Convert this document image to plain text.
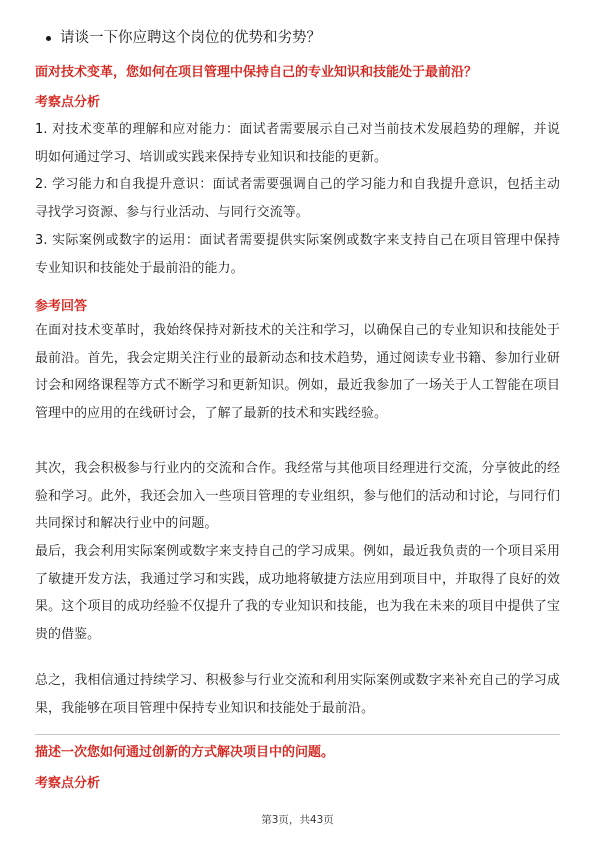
请谈一下你应聘这个岗位的优势和劣势？
面对技术变革，您如何在项目管理中保持自己的专业知识和技能处于最前沿？
考察点分析
1. 对技术变革的理解和应对能力：面试者需要展示自己对当前技术发展趋势的理解，并说明如何通过学习、培训或实践来保持专业知识和技能的更新。
2. 学习能力和自我提升意识：面试者需要强调自己的学习能力和自我提升意识，包括主动寻找学习资源、参与行业活动、与同行交流等。
3. 实际案例或数字的运用：面试者需要提供实际案例或数字来支持自己在项目管理中保持专业知识和技能处于最前沿的能力。
参考回答
在面对技术变革时，我始终保持对新技术的关注和学习，以确保自己的专业知识和技能处于最前沿。首先，我会定期关注行业的最新动态和技术趋势，通过阅读专业书籍、参加行业研讨会和网络课程等方式不断学习和更新知识。例如，最近我参加了一场关于人工智能在项目管理中的应用的在线研讨会，了解了最新的技术和实践经验。
其次，我会积极参与行业内的交流和合作。我经常与其他项目经理进行交流，分享彼此的经验和学习。此外，我还会加入一些项目管理的专业组织，参与他们的活动和讨论，与同行们共同探讨和解决行业中的问题。
最后，我会利用实际案例或数字来支持自己的学习成果。例如，最近我负责的一个项目采用了敏捷开发方法，我通过学习和实践，成功地将敏捷方法应用到项目中，并取得了良好的效果。这个项目的成功经验不仅提升了我的专业知识和技能，也为我在未来的项目中提供了宝贵的借鉴。
总之，我相信通过持续学习、积极参与行业交流和利用实际案例或数字来补充自己的学习成果，我能够在项目管理中保持专业知识和技能处于最前沿。
描述一次您如何通过创新的方式解决项目中的问题。
考察点分析
第3页，共43页
